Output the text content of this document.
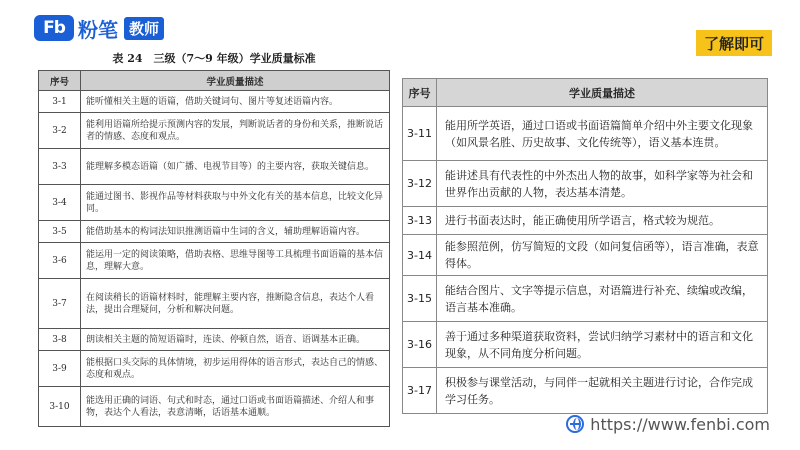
Fb 粉笔 教师
了解即可
表 24　三级（7～9 年级）学业质量标准
序号	学业质量描述
3-1	能听懂相关主题的语篇，借助关键词句、图片等复述语篇内容。
3-2	能利用语篇所给提示预测内容的发展，判断说话者的身份和关系，推断说话者的情感、态度和观点。
3-3	能理解多模态语篇（如广播、电视节目等）的主要内容，获取关键信息。
3-4	能通过图书、影视作品等材料获取与中外文化有关的基本信息，比较文化异同。
3-5	能借助基本的构词法知识推测语篇中生词的含义，辅助理解语篇内容。
3-6	能运用一定的阅读策略，借助表格、思维导图等工具梳理书面语篇的基本信息，理解大意。
3-7	在阅读稍长的语篇材料时，能理解主要内容，推断隐含信息，表达个人看法，提出合理疑问，分析和解决问题。
3-8	朗读相关主题的简短语篇时，连读、停顿自然，语音、语调基本正确。
3-9	能根据口头交际的具体情境，初步运用得体的语言形式，表达自己的情感、态度和观点。
3-10	能选用正确的词语、句式和时态，通过口语或书面语篇描述、介绍人和事物，表达个人看法，表意清晰，话语基本通顺。
序号	学业质量描述
3-11	能用所学英语，通过口语或书面语篇简单介绍中外主要文化现象（如风景名胜、历史故事、文化传统等），语义基本连贯。
3-12	能讲述具有代表性的中外杰出人物的故事，如科学家等为社会和世界作出贡献的人物，表达基本清楚。
3-13	进行书面表达时，能正确使用所学语言，格式较为规范。
3-14	能参照范例，仿写简短的文段（如问复信函等），语言准确，表意得体。
3-15	能结合图片、文字等提示信息，对语篇进行补充、续编或改编，语言基本准确。
3-16	善于通过多种渠道获取资料，尝试归纳学习素材中的语言和文化现象，从不同角度分析问题。
3-17	积极参与课堂活动，与同伴一起就相关主题进行讨论，合作完成学习任务。
https://www.fenbi.com
